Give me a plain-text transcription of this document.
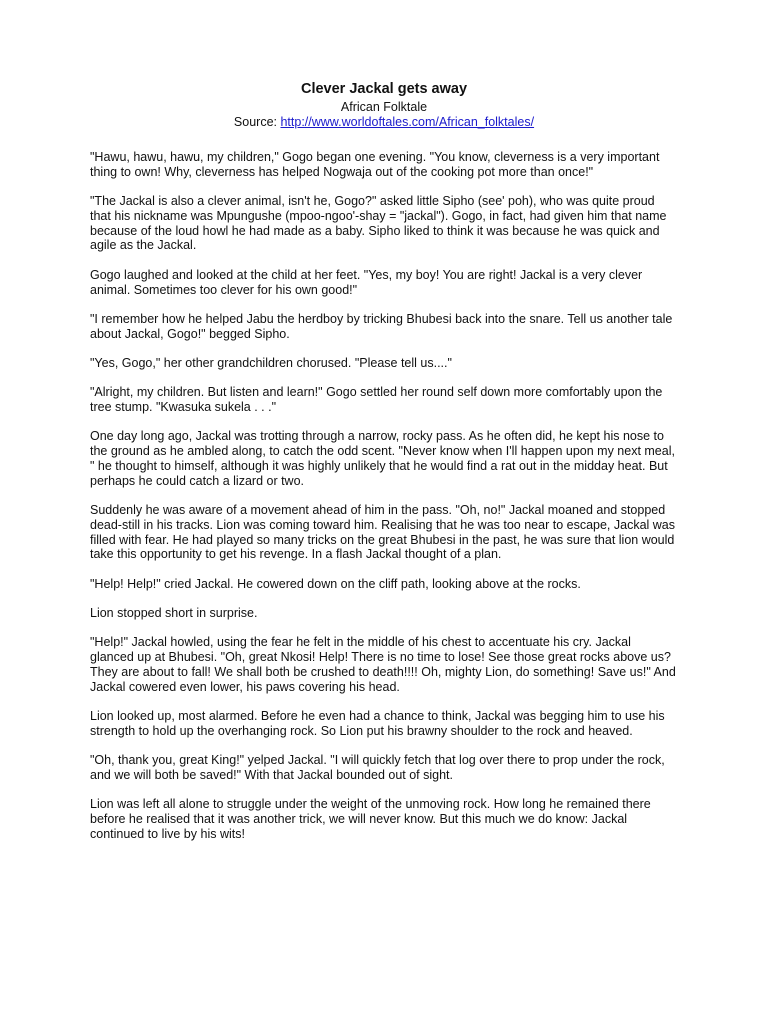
Clever Jackal gets away

African Folktale

Source: http://www.worldoftales.com/African_folktales/

"Hawu, hawu, hawu, my children," Gogo began one evening. "You know, cleverness is a very important thing to own! Why, cleverness has helped Nogwaja out of the cooking pot more than once!"

"The Jackal is also a clever animal, isn't he, Gogo?" asked little Sipho (see' poh), who was quite proud that his nickname was Mpungushe (mpoo-ngoo'-shay = "jackal"). Gogo, in fact, had given him that name because of the loud howl he had made as a baby. Sipho liked to think it was because he was quick and agile as the Jackal.

Gogo laughed and looked at the child at her feet. "Yes, my boy! You are right! Jackal is a very clever animal. Sometimes too clever for his own good!"

"I remember how he helped Jabu the herdboy by tricking Bhubesi back into the snare. Tell us another tale about Jackal, Gogo!" begged Sipho.

"Yes, Gogo," her other grandchildren chorused. "Please tell us...."

"Alright, my children. But listen and learn!" Gogo settled her round self down more comfortably upon the tree stump. "Kwasuka sukela . . ."

One day long ago, Jackal was trotting through a narrow, rocky pass. As he often did, he kept his nose to the ground as he ambled along, to catch the odd scent. "Never know when I'll happen upon my next meal, " he thought to himself, although it was highly unlikely that he would find a rat out in the midday heat. But perhaps he could catch a lizard or two.

Suddenly he was aware of a movement ahead of him in the pass. "Oh, no!" Jackal moaned and stopped dead-still in his tracks. Lion was coming toward him. Realising that he was too near to escape, Jackal was filled with fear. He had played so many tricks on the great Bhubesi in the past, he was sure that lion would take this opportunity to get his revenge. In a flash Jackal thought of a plan.

"Help! Help!" cried Jackal. He cowered down on the cliff path, looking above at the rocks.

Lion stopped short in surprise.

"Help!" Jackal howled, using the fear he felt in the middle of his chest to accentuate his cry. Jackal glanced up at Bhubesi. "Oh, great Nkosi! Help! There is no time to lose! See those great rocks above us? They are about to fall! We shall both be crushed to death!!!! Oh, mighty Lion, do something! Save us!" And Jackal cowered even lower, his paws covering his head.

Lion looked up, most alarmed. Before he even had a chance to think, Jackal was begging him to use his strength to hold up the overhanging rock. So Lion put his brawny shoulder to the rock and heaved.

"Oh, thank you, great King!" yelped Jackal. "I will quickly fetch that log over there to prop under the rock, and we will both be saved!" With that Jackal bounded out of sight.

Lion was left all alone to struggle under the weight of the unmoving rock. How long he remained there before he realised that it was another trick, we will never know. But this much we do know: Jackal continued to live by his wits!
